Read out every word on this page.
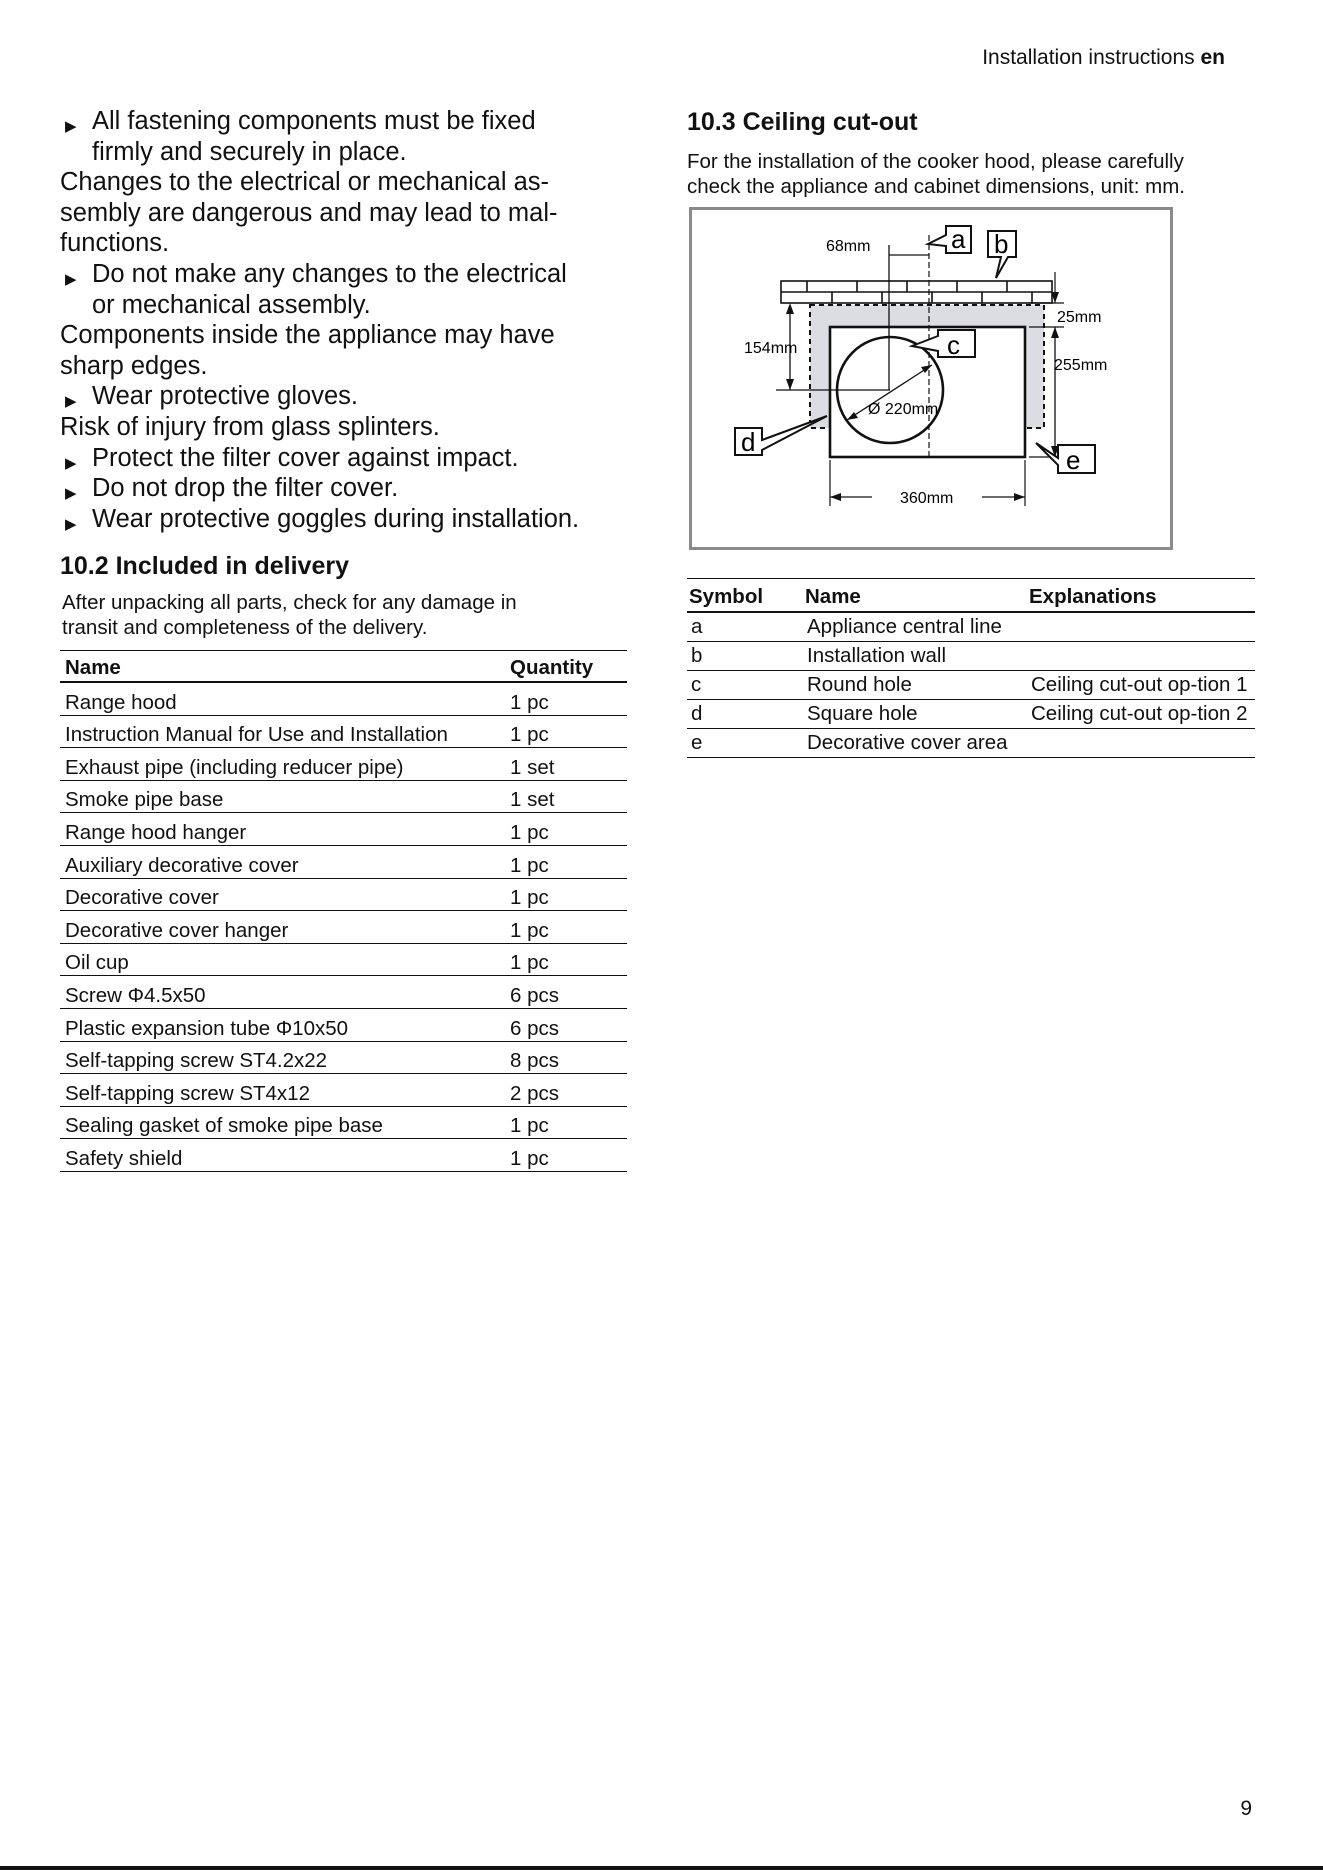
Installation instructions en
▶ All fastening components must be fixed
firmly and securely in place.
Changes to the electrical or mechanical as-
sembly are dangerous and may lead to mal-
functions.
▶ Do not make any changes to the electrical
or mechanical assembly.
Components inside the appliance may have
sharp edges.
▶ Wear protective gloves.
Risk of injury from glass splinters.
▶ Protect the filter cover against impact.
▶ Do not drop the filter cover.
▶ Wear protective goggles during installation.
10.2 Included in delivery
After unpacking all parts, check for any damage in
transit and completeness of the delivery.
Name	Quantity
Range hood	1 pc
Instruction Manual for Use and Installation	1 pc
Exhaust pipe (including reducer pipe)	1 set
Smoke pipe base	1 set
Range hood hanger	1 pc
Auxiliary decorative cover	1 pc
Decorative cover	1 pc
Decorative cover hanger	1 pc
Oil cup	1 pc
Screw Φ4.5x50	6 pcs
Plastic expansion tube Φ10x50	6 pcs
Self-tapping screw ST4.2x22	8 pcs
Self-tapping screw ST4x12	2 pcs
Sealing gasket of smoke pipe base	1 pc
Safety shield	1 pc
10.3 Ceiling cut-out
For the installation of the cooker hood, please carefully
check the appliance and cabinet dimensions, unit: mm.
68mm
154mm
Ø 220mm
25mm
255mm
360mm
a b
c
d
e
Symbol	Name	Explanations
a	Appliance central line	
b	Installation wall	
c	Round hole	Ceiling cut-out op-tion 1
d	Square hole	Ceiling cut-out op-tion 2
e	Decorative cover area	
9
